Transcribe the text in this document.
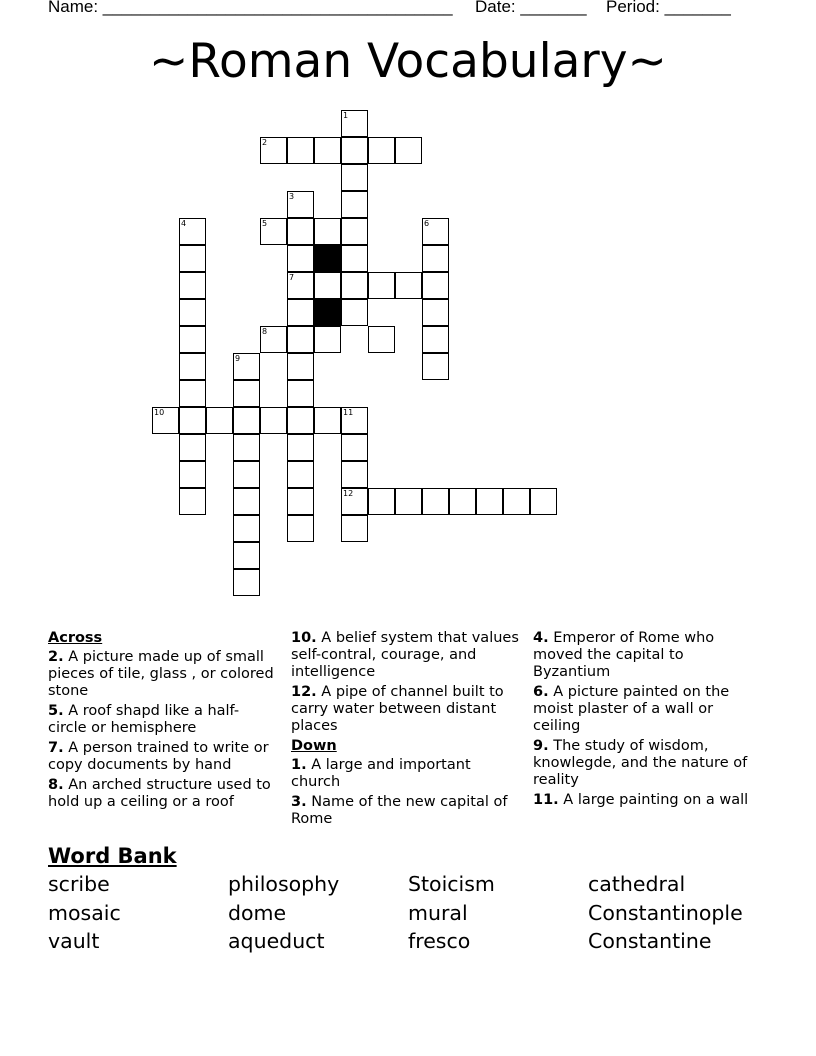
Name: _____________________________________ Date: _______ Period: _______
~Roman Vocabulary~
1
2
3
4	5	6
7
8
9
10	11
12
Across
2. A picture made up of small pieces of tile, glass , or colored stone
5. A roof shapd like a half-circle or hemisphere
7. A person trained to write or copy documents by hand
8. An arched structure used to hold up a ceiling or a roof
10. A belief system that values self-contral, courage, and intelligence
12. A pipe of channel built to carry water between distant places
Down
1. A large and important church
3. Name of the new capital of Rome
4. Emperor of Rome who moved the capital to Byzantium
6. A picture painted on the moist plaster of a wall or ceiling
9. The study of wisdom, knowlegde, and the nature of reality
11. A large painting on a wall
Word Bank
scribe	philosophy	Stoicism	cathedral
mosaic	dome	mural	Constantinople
vault	aqueduct	fresco	Constantine
